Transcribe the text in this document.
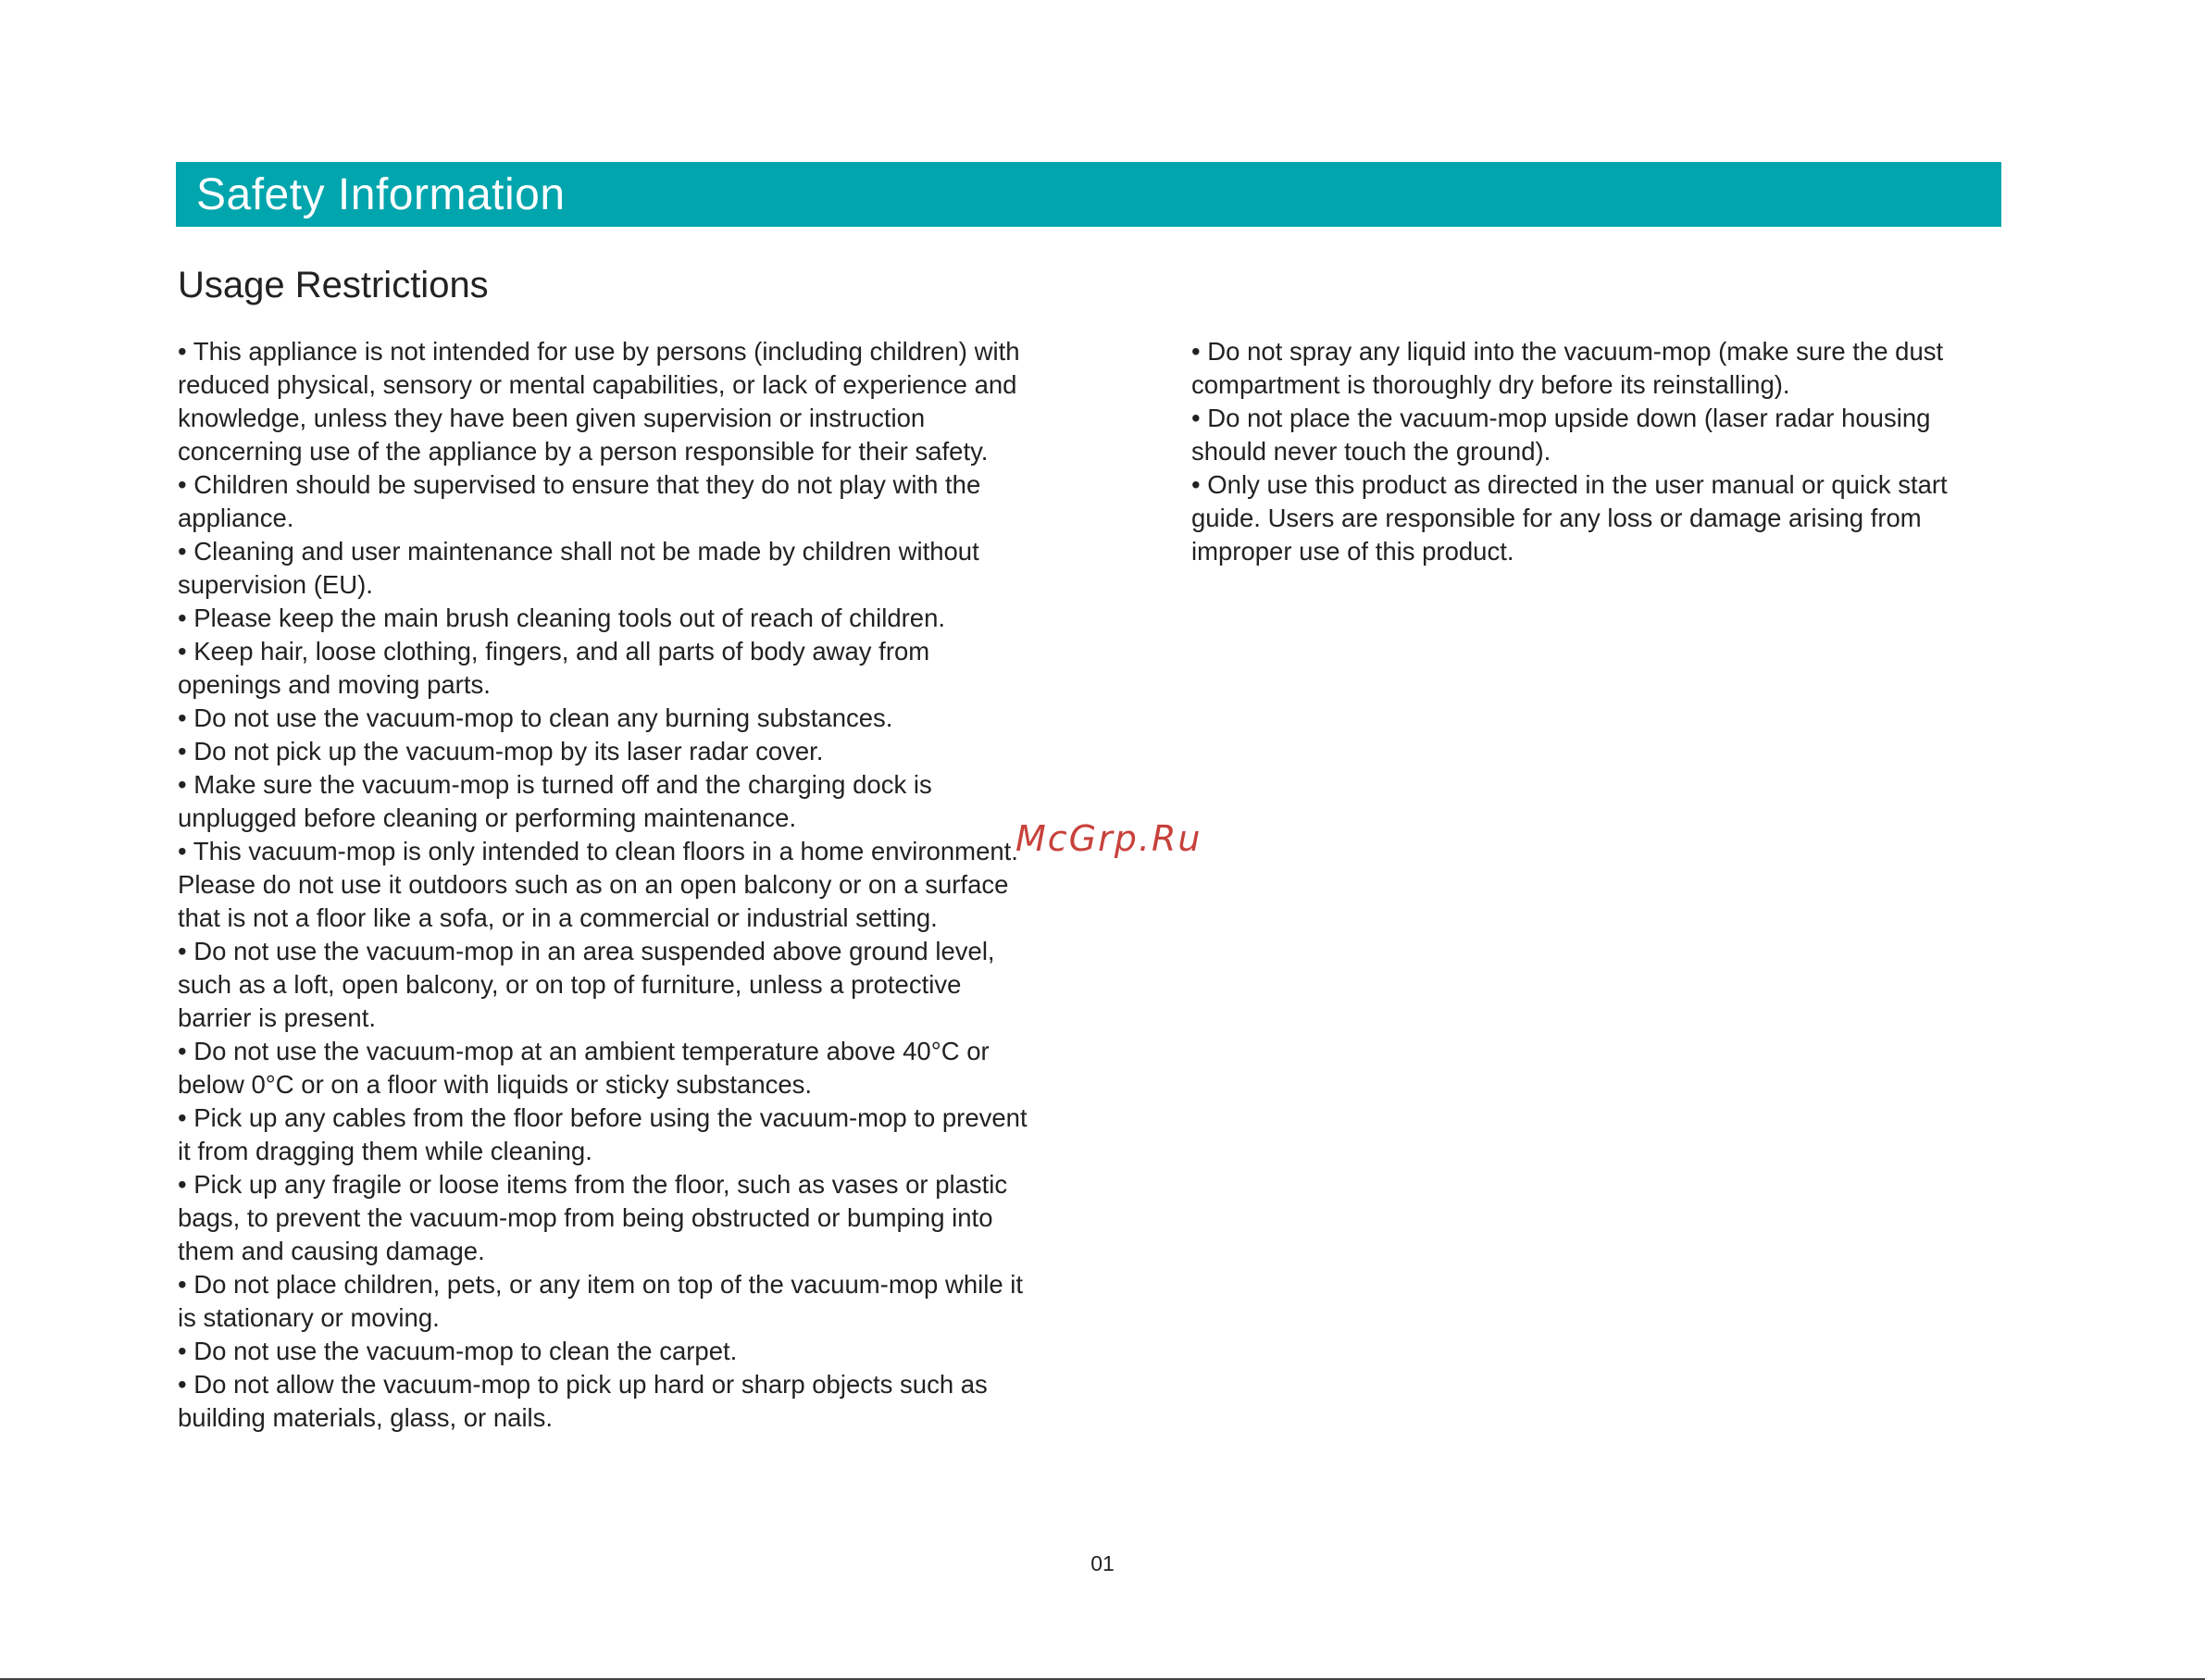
Safety Information
Usage Restrictions
• This appliance is not intended for use by persons (including children) with reduced physical, sensory or mental capabilities, or lack of experience and knowledge, unless they have been given supervision or instruction concerning use of the appliance by a person responsible for their safety.
• Children should be supervised to ensure that they do not play with the appliance.
• Cleaning and user maintenance shall not be made by children without supervision (EU).
• Please keep the main brush cleaning tools out of reach of children.
• Keep hair, loose clothing, fingers, and all parts of body away from openings and moving parts.
• Do not use the vacuum-mop to clean any burning substances.
• Do not pick up the vacuum-mop by its laser radar cover.
• Make sure the vacuum-mop is turned off and the charging dock is unplugged before cleaning or performing maintenance.
• This vacuum-mop is only intended to clean floors in a home environment. Please do not use it outdoors such as on an open balcony or on a surface that is not a floor like a sofa, or in a commercial or industrial setting.
• Do not use the vacuum-mop in an area suspended above ground level, such as a loft, open balcony, or on top of furniture, unless a protective barrier is present.
• Do not use the vacuum-mop at an ambient temperature above 40°C or below 0°C or on a floor with liquids or sticky substances.
• Pick up any cables from the floor before using the vacuum-mop to prevent it from dragging them while cleaning.
• Pick up any fragile or loose items from the floor, such as vases or plastic bags, to prevent the vacuum-mop from being obstructed or bumping into them and causing damage.
• Do not place children, pets, or any item on top of the vacuum-mop while it is stationary or moving.
• Do not use the vacuum-mop to clean the carpet.
• Do not allow the vacuum-mop to pick up hard or sharp objects such as building materials, glass, or nails.
• Do not spray any liquid into the vacuum-mop (make sure the dust compartment is thoroughly dry before its reinstalling).
• Do not place the vacuum-mop upside down (laser radar housing should never touch the ground).
• Only use this product as directed in the user manual or quick start guide. Users are responsible for any loss or damage arising from improper use of this product.
McGrp.Ru
01
